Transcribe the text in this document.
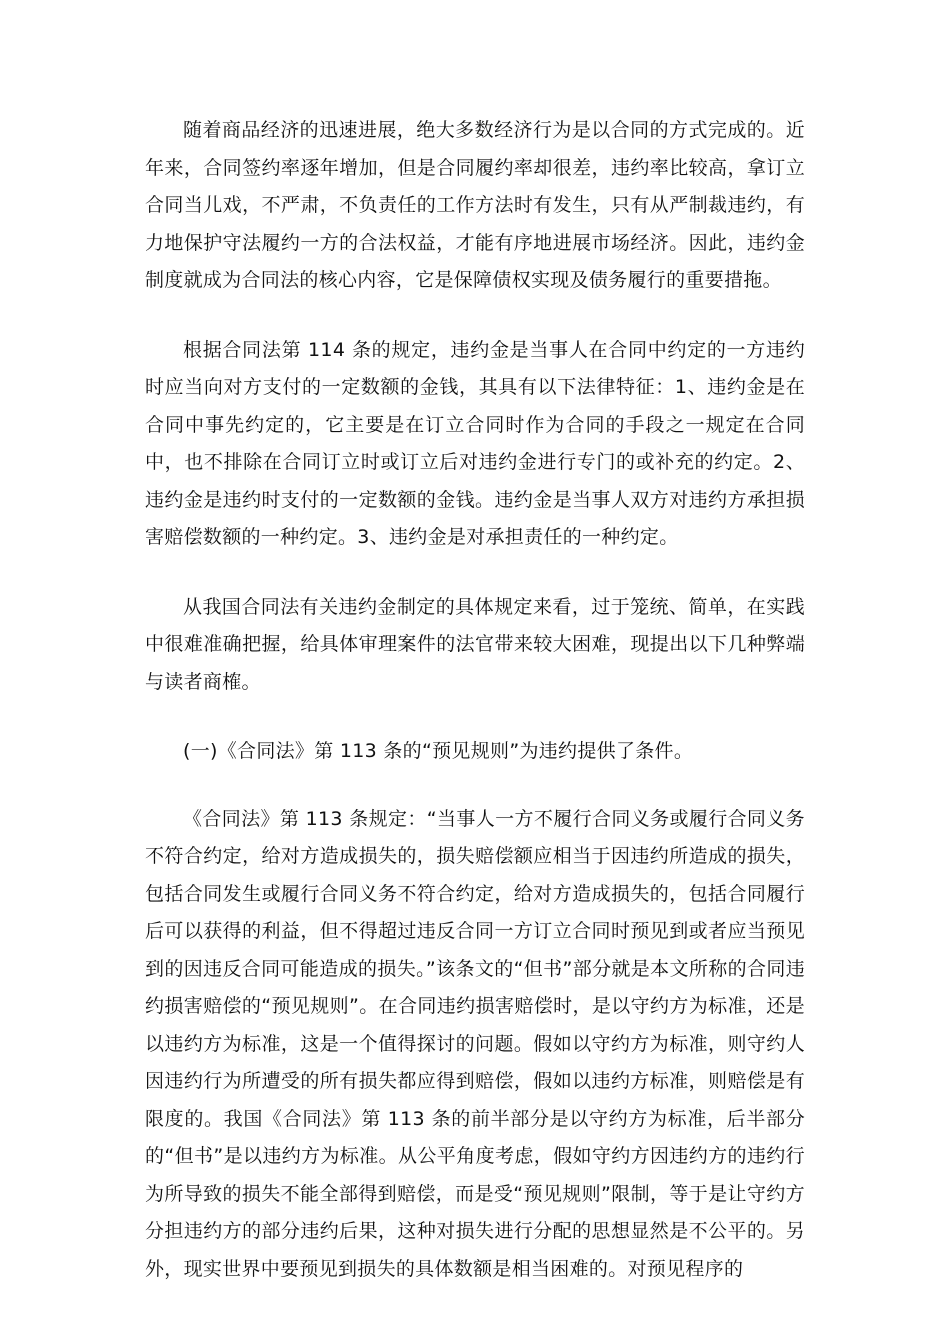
随着商品经济的迅速进展，绝大多数经济行为是以合同的方式完成的。近年来，合同签约率逐年增加，但是合同履约率却很差，违约率比较高，拿订立合同当儿戏，不严肃，不负责任的工作方法时有发生，只有从严制裁违约，有力地保护守法履约一方的合法权益，才能有序地进展市场经济。因此，违约金制度就成为合同法的核心内容，它是保障债权实现及债务履行的重要措拖。

根据合同法第 114 条的规定，违约金是当事人在合同中约定的一方违约时应当向对方支付的一定数额的金钱，其具有以下法律特征：1、违约金是在合同中事先约定的，它主要是在订立合同时作为合同的手段之一规定在合同中，也不排除在合同订立时或订立后对违约金进行专门的或补充的约定。2、违约金是违约时支付的一定数额的金钱。违约金是当事人双方对违约方承担损害赔偿数额的一种约定。3、违约金是对承担责任的一种约定。

从我国合同法有关违约金制定的具体规定来看，过于笼统、简单，在实践中很难准确把握，给具体审理案件的法官带来较大困难，现提出以下几种弊端与读者商榷。

(一)《合同法》第 113 条的“预见规则”为违约提供了条件。

《合同法》第 113 条规定：“当事人一方不履行合同义务或履行合同义务不符合约定，给对方造成损失的，损失赔偿额应相当于因违约所造成的损失，包括合同发生或履行合同义务不符合约定，给对方造成损失的，包括合同履行后可以获得的利益，但不得超过违反合同一方订立合同时预见到或者应当预见到的因违反合同可能造成的损失。”该条文的“但书”部分就是本文所称的合同违约损害赔偿的“预见规则”。在合同违约损害赔偿时，是以守约方为标准，还是以违约方为标准，这是一个值得探讨的问题。假如以守约方为标准，则守约人因违约行为所遭受的所有损失都应得到赔偿，假如以违约方标准，则赔偿是有限度的。我国《合同法》第 113 条的前半部分是以守约方为标准，后半部分的“但书”是以违约方为标准。从公平角度考虑，假如守约方因违约方的违约行为所导致的损失不能全部得到赔偿，而是受“预见规则”限制，等于是让守约方分担违约方的部分违约后果，这种对损失进行分配的思想显然是不公平的。另外，现实世界中要预见到损失的具体数额是相当困难的。对预见程序的
